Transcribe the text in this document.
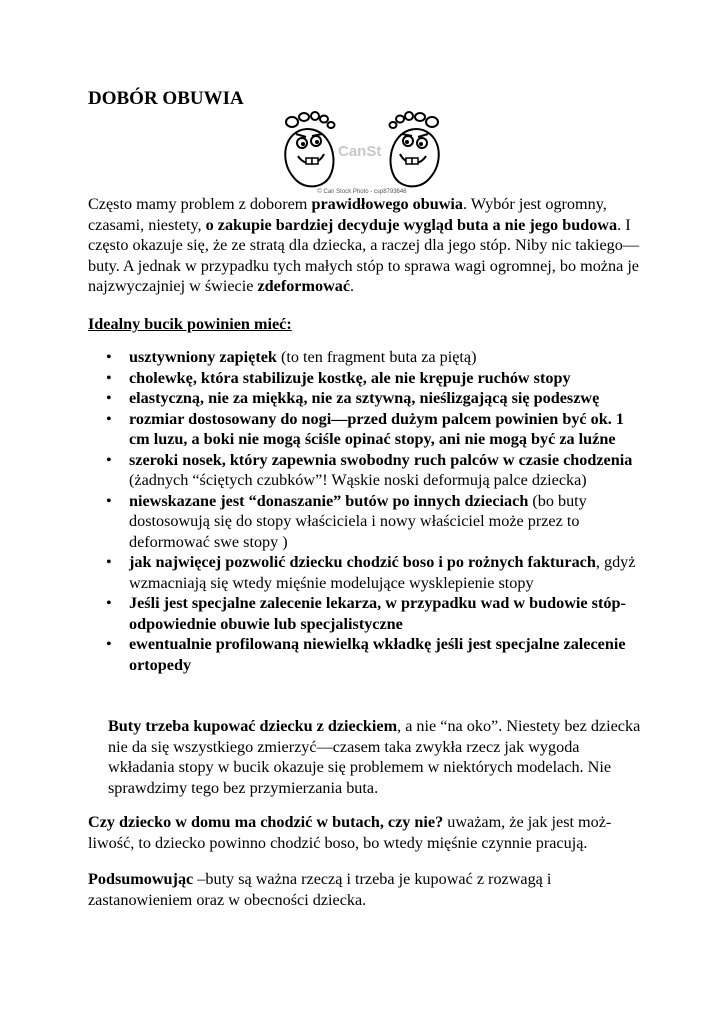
DOBÓR OBUWIA
CanSt
© Can Stock Photo - csp8793646

Często mamy problem z doborem prawidłowego obuwia. Wybór jest ogromny, czasami, niestety, o zakupie bardziej decyduje wygląd buta a nie jego budowa. I często okazuje się, że ze stratą dla dziecka, a raczej dla jego stóp. Niby nic takiego—buty. A jednak w przypadku tych małych stóp to sprawa wagi ogromnej, bo można je najzwyczajniej w świecie zdeformować.

Idealny bucik powinien mieć:
• usztywniony zapiętek (to ten fragment buta za piętą)
• cholewkę, która stabilizuje kostkę, ale nie krępuje ruchów stopy
• elastyczną, nie za miękką, nie za sztywną, nieślizgającą się podeszwę
• rozmiar dostosowany do nogi—przed dużym palcem powinien być ok. 1 cm luzu, a boki nie mogą ściśle opinać stopy, ani nie mogą być za luźne
• szeroki nosek, który zapewnia swobodny ruch palców w czasie chodzenia
(żadnych “ściętych czubków”! Wąskie noski deformują palce dziecka)
• niewskazane jest “donaszanie” butów po innych dzieciach (bo buty dostosowują się do stopy właściciela i nowy właściciel może przez to deformować swe stopy )
• jak najwięcej pozwolić dziecku chodzić boso i po rożnych fakturach, gdyż wzmacniają się wtedy mięśnie modelujące wysklepienie stopy
• Jeśli jest specjalne zalecenie lekarza, w przypadku wad w budowie stóp-odpowiednie obuwie lub specjalistyczne
• ewentualnie profilowaną niewielką wkładkę jeśli jest specjalne zalecenie ortopedy

Buty trzeba kupować dziecku z dzieckiem, a nie “na oko”. Niestety bez dziecka nie da się wszystkiego zmierzyć—czasem taka zwykła rzecz jak wygoda wkładania stopy w bucik okazuje się problemem w niektórych modelach. Nie sprawdzimy tego bez przymierzania buta.

Czy dziecko w domu ma chodzić w butach, czy nie? uważam, że jak jest możliwość, to dziecko powinno chodzić boso, bo wtedy mięśnie czynnie pracują.

Podsumowując –buty są ważna rzeczą i trzeba je kupować z rozwagą i zastanowieniem oraz w obecności dziecka.
